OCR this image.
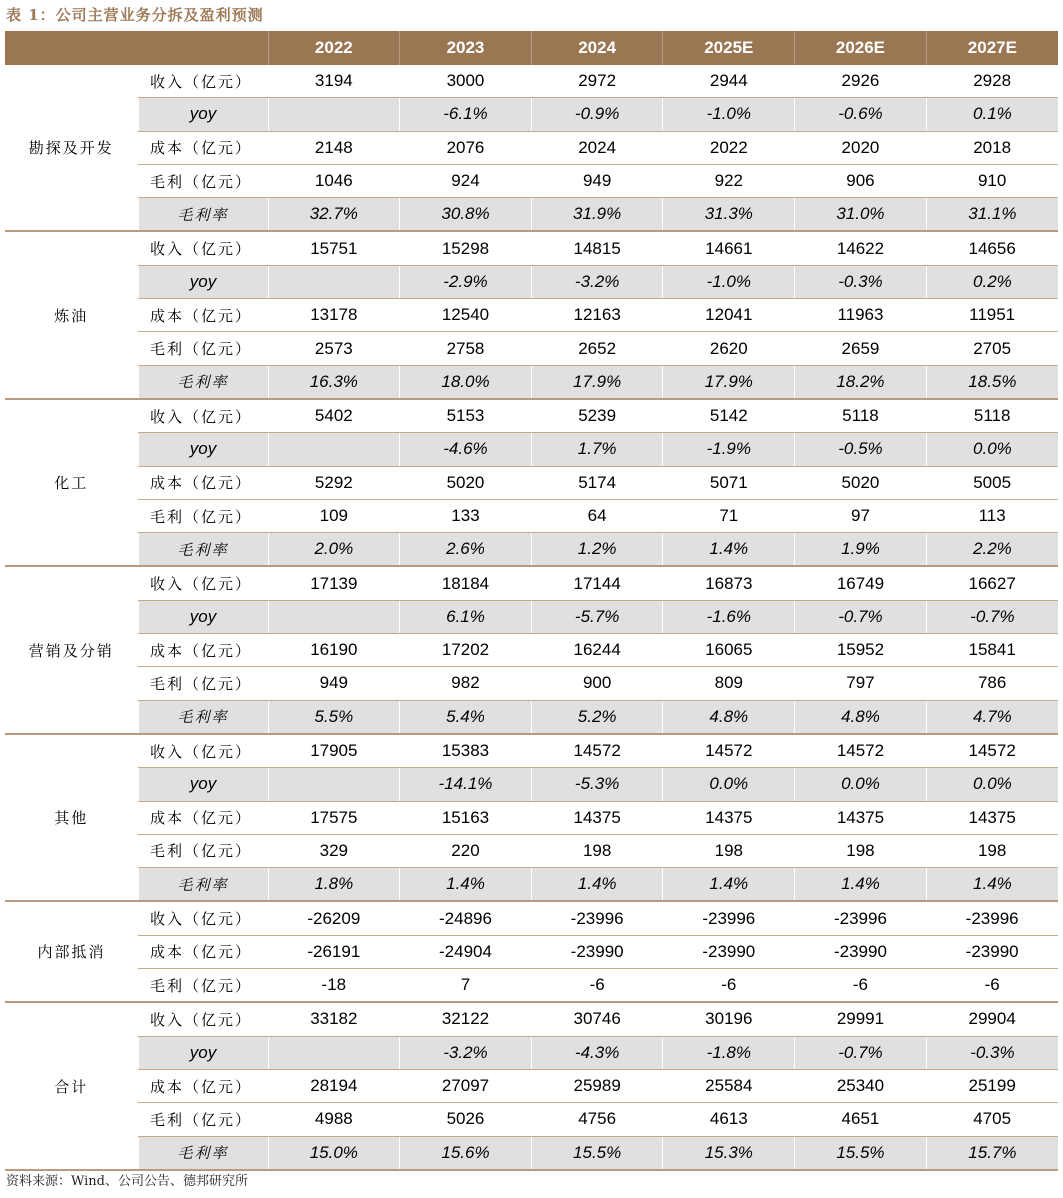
表 1：公司主营业务分拆及盈利预测
		2022	2023	2024	2025E	2026E	2027E
勘探及开发	收入（亿元）	3194	3000	2972	2944	2926	2928
	yoy		-6.1%	-0.9%	-1.0%	-0.6%	0.1%
	成本（亿元）	2148	2076	2024	2022	2020	2018
	毛利（亿元）	1046	924	949	922	906	910
	毛利率	32.7%	30.8%	31.9%	31.3%	31.0%	31.1%
炼油	收入（亿元）	15751	15298	14815	14661	14622	14656
	yoy		-2.9%	-3.2%	-1.0%	-0.3%	0.2%
	成本（亿元）	13178	12540	12163	12041	11963	11951
	毛利（亿元）	2573	2758	2652	2620	2659	2705
	毛利率	16.3%	18.0%	17.9%	17.9%	18.2%	18.5%
化工	收入（亿元）	5402	5153	5239	5142	5118	5118
	yoy		-4.6%	1.7%	-1.9%	-0.5%	0.0%
	成本（亿元）	5292	5020	5174	5071	5020	5005
	毛利（亿元）	109	133	64	71	97	113
	毛利率	2.0%	2.6%	1.2%	1.4%	1.9%	2.2%
营销及分销	收入（亿元）	17139	18184	17144	16873	16749	16627
	yoy		6.1%	-5.7%	-1.6%	-0.7%	-0.7%
	成本（亿元）	16190	17202	16244	16065	15952	15841
	毛利（亿元）	949	982	900	809	797	786
	毛利率	5.5%	5.4%	5.2%	4.8%	4.8%	4.7%
其他	收入（亿元）	17905	15383	14572	14572	14572	14572
	yoy		-14.1%	-5.3%	0.0%	0.0%	0.0%
	成本（亿元）	17575	15163	14375	14375	14375	14375
	毛利（亿元）	329	220	198	198	198	198
	毛利率	1.8%	1.4%	1.4%	1.4%	1.4%	1.4%
内部抵消	收入（亿元）	-26209	-24896	-23996	-23996	-23996	-23996
	成本（亿元）	-26191	-24904	-23990	-23990	-23990	-23990
	毛利（亿元）	-18	7	-6	-6	-6	-6
合计	收入（亿元）	33182	32122	30746	30196	29991	29904
	yoy		-3.2%	-4.3%	-1.8%	-0.7%	-0.3%
	成本（亿元）	28194	27097	25989	25584	25340	25199
	毛利（亿元）	4988	5026	4756	4613	4651	4705
	毛利率	15.0%	15.6%	15.5%	15.3%	15.5%	15.7%
资料来源：Wind、公司公告、德邦研究所
